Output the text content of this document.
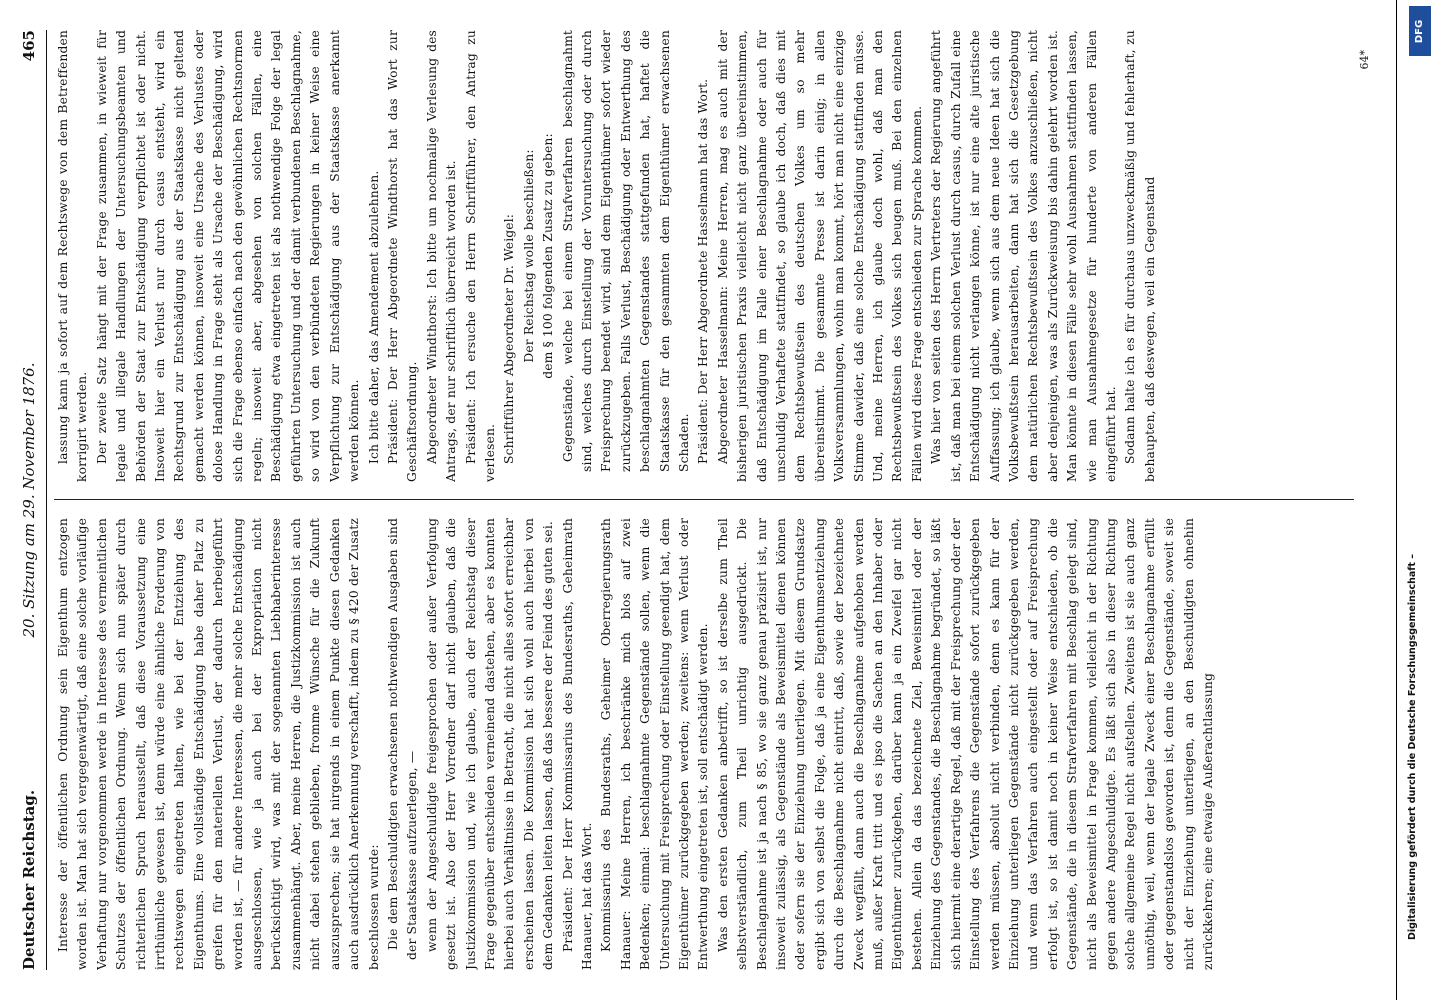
Deutscher Reichstag.
20. Sitzung am 29. November 1876.
465

Interesse der öffentlichen Ordnung sein Eigenthum entzogen worden ist. Man hat sich vergegenwärtigt, daß eine solche vorläufige Verhaftung nur vorgenommen werde in Interesse des vermeintlichen Schutzes der öffentlichen Ordnung. Wenn sich nun später durch richterlichen Spruch herausstellt, daß diese Voraussetzung eine irrthümliche gewesen ist, denn würde eine ähnliche Forderung von rechtswegen eingetreten halten, wie bei der Entziehung des Eigenthums. Eine vollständige Entschädigung habe daher Platz zu greifen für den materiellen Verlust, der dadurch herbeigeführt worden ist, — für andere Interessen, die mehr solche Entschädigung ausgeschlossen, wie ja auch bei der Expropriation nicht berücksichtigt wird, was mit der sogenannten Liebhaberinteresse zusammenhängt. Aber, meine Herren, die Justizkommission ist auch nicht dabei stehen geblieben, fromme Wünsche für die Zukunft auszusprechen; sie hat nirgends in einem Punkte diesen Gedanken auch ausdrücklich Anerkennung verschafft, indem zu § 420 der Zusatz beschlossen wurde: Die dem Beschuldigten erwachsenen nothwendigen Ausgaben sind der Staatskasse aufzuerlegen, — wenn der Angeschuldigte freigesprochen oder außer Verfolgung gesetzt ist. Also der Herr Vorredner darf nicht glauben, daß die Justizkommission und, wie ich glaube, auch der Reichstag dieser Frage gegenüber entschieden verneinend dastehen, aber es konnten hierbei auch Verhältnisse in Betracht, die nicht alles sofort erreichbar erscheinen lassen. Die Kommission hat sich wohl auch hierbei von dem Gedanken leiten lassen, daß das bessere der Feind des guten sei. Präsident: Der Herr Kommissarius des Bundesraths, Geheimrath Hanauer, hat das Wort. Kommissarius des Bundesraths, Geheimer Oberregierungsrath Hanauer: Meine Herren, ich beschränke mich blos auf zwei Bedenken; einmal: beschlagnahmte Gegenstände sollen, wenn die Untersuchung mit Freisprechung oder Einstellung geendigt hat, dem Eigenthümer zurückgegeben werden; zweitens: wenn Verlust oder Entwerthung eingetreten ist, soll entschädigt werden. Was den ersten Gedanken anbetrifft, so ist derselbe zum Theil selbstverständlich, zum Theil unrichtig ausgedrückt. Die Beschlagnahme ist ja nach § 85, wo sie ganz genau präzisirt ist, nur insoweit zulässig, als Gegenstände als Beweismittel dienen können oder sofern sie der Einziehung unterliegen. Mit diesem Grundsatze ergibt sich von selbst die Folge, daß ja eine Eigenthumsentziehung durch die Beschlagnahme nicht eintritt, daß, sowie der bezeichnete Zweck wegfällt, dann auch die Beschlagnahme aufgehoben werden muß, außer Kraft tritt und es ipso die Sachen an den Inhaber oder Eigenthümer zurückgehen, darüber kann ja ein Zweifel gar nicht bestehen. Allein da das bezeichnete Ziel, Beweismittel oder der Einziehung des Gegenstandes, die Beschlagnahme begründet, so läßt sich hiermit eine derartige Regel, daß mit der Freisprechung oder der Einstellung des Verfahrens die Gegenstände sofort zurückgegeben werden müssen, absolut nicht verbinden, denn es kann für der Einziehung unterliegen Gegenstände nicht zurückgegeben werden, und wenn das Verfahren auch eingestellt oder auf Freisprechung erfolgt ist, so ist damit noch in keiner Weise entschieden, ob die Gegenstände, die in diesem Strafverfahren mit Beschlag gelegt sind, nicht als Beweismittel in Frage kommen, vielleicht in der Richtung gegen andere Angeschuldigte. Es läßt sich also in dieser Richtung solche allgemeine Regel nicht aufstellen. Zweitens ist sie auch ganz unnöthig, weil, wenn der legale Zweck einer Beschlagnahme erfüllt oder gegenstandslos geworden ist, denn die Gegenstände, soweit sie nicht der Einziehung unterliegen, an den Beschuldigten ohnehin zurückkehren; eine etwaige Außerachtlassung

lassung kann ja sofort auf dem Rechtswege von dem Betreffenden korrigirt werden. Der zweite Satz hängt mit der Frage zusammen, in wieweit für legale und illegale Handlungen der Untersuchungsbeamten und Behörden der Staat zur Entschädigung verpflichtet ist oder nicht. Insoweit hier ein Verlust nur durch casus entsteht, wird ein Rechtsgrund zur Entschädigung aus der Staatskasse nicht geltend gemacht werden können, insoweit eine Ursache des Verlustes oder dolose Handlung in Frage steht als Ursache der Beschädigung, wird sich die Frage ebenso einfach nach den gewöhnlichen Rechtsnormen regeln; insoweit aber, abgesehen von solchen Fällen, eine Beschädigung etwa eingetreten ist als nothwendige Folge der legal geführten Untersuchung und der damit verbundenen Beschlagnahme, so wird von den verbündeten Regierungen in keiner Weise eine Verpflichtung zur Entschädigung aus der Staatskasse anerkannt werden können. Ich bitte daher, das Amendement abzulehnen. Präsident: Der Herr Abgeordnete Windthorst hat das Wort zur Geschäftsordnung. Abgeordneter Windthorst: Ich bitte um nochmalige Verlesung des Antrags, der nur schriftlich überreicht worden ist. Präsident: Ich ersuche den Herrn Schriftführer, den Antrag zu verlesen. Schriftführer Abgeordneter Dr. Weigel: Der Reichstag wolle beschließen: dem § 100 folgenden Zusatz zu geben: Gegenstände, welche bei einem Strafverfahren beschlagnahmt sind, welches durch Einstellung der Voruntersuchung oder durch Freisprechung beendet wird, sind dem Eigenthümer sofort wieder zurückzugeben. Falls Verlust, Beschädigung oder Entwerthung des beschlagnahmten Gegenstandes stattgefunden hat, haftet die Staatskasse für den gesammten dem Eigenthümer erwachsenen Schaden. Präsident: Der Herr Abgeordnete Hasselmann hat das Wort. Abgeordneter Hasselmann: Meine Herren, mag es auch mit der bisherigen juristischen Praxis vielleicht nicht ganz übereinstimmen, daß Entschädigung im Falle einer Beschlagnahme oder auch für unschuldig Verhaftete stattfindet, so glaube ich doch, daß dies mit dem Rechtsbewußtsein des deutschen Volkes um so mehr übereinstimmt. Die gesammte Presse ist darin einig; in allen Volksversammlungen, wohin man kommt, hört man nicht eine einzige Stimme dawider, daß eine solche Entschädigung stattfinden müsse. Und, meine Herren, ich glaube doch wohl, daß man den Rechtsbewußtsein des Volkes sich beugen muß. Bei den einzelnen Fällen wird diese Frage entschieden zur Sprache kommen. Was hier von seiten des Herrn Vertreters der Regierung angeführt ist, daß man bei einem solchen Verlust durch casus, durch Zufall eine Entschädigung nicht verlangen könne, ist nur eine alte juristische Auffassung; ich glaube, wenn sich aus dem neue Ideen hat sich die Volksbewußtsein herausarbeiten, dann hat sich die Gesetzgebung dem natürlichen Rechtsbewußtsein des Volkes anzuschließen, nicht aber denjenigen, was als Zurückweisung bis dahin gelehrt worden ist. Man könnte in diesen Fälle sehr wohl Ausnahmen stattfinden lassen, wie man Ausnahmegesetze für hunderte von anderen Fällen eingeführt hat. Sodann halte ich es für durchaus unzweckmäßig und fehlerhaft, zu behaupten, daß deswegen, weil ein Gegenstand

64*
Digitalisierung gefördert durch die Deutsche Forschungsgemeinschaft –
DFG
